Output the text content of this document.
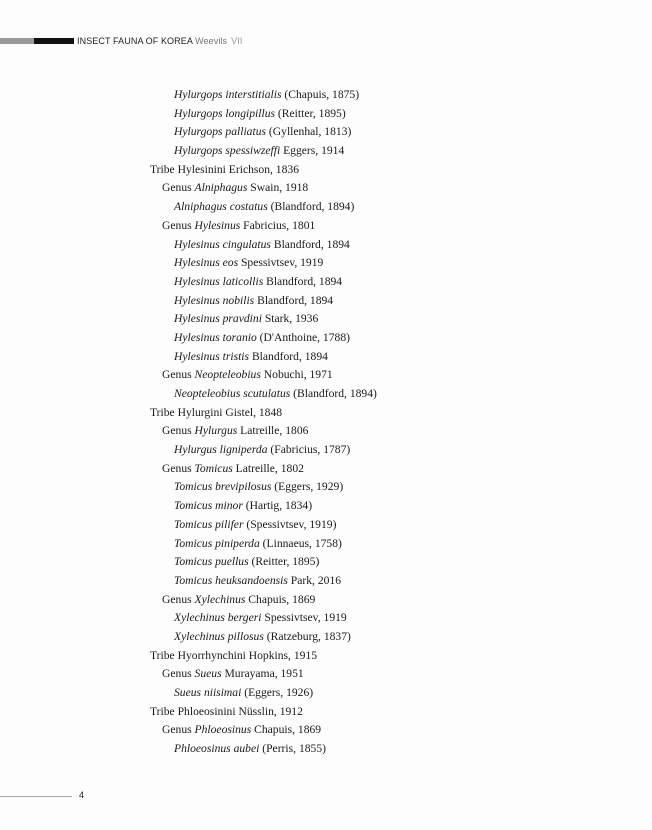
INSECT FAUNA OF KOREA Weevils VII
Hylurgops interstitialis (Chapuis, 1875)
Hylurgops longipillus (Reitter, 1895)
Hylurgops palliatus (Gyllenhal, 1813)
Hylurgops spessiwzeffi Eggers, 1914
Tribe Hylesinini Erichson, 1836
Genus Alniphagus Swain, 1918
Alniphagus costatus (Blandford, 1894)
Genus Hylesinus Fabricius, 1801
Hylesinus cingulatus Blandford, 1894
Hylesinus eos Spessivtsev, 1919
Hylesinus laticollis Blandford, 1894
Hylesinus nobilis Blandford, 1894
Hylesinus pravdini Stark, 1936
Hylesinus toranio (D'Anthoine, 1788)
Hylesinus tristis Blandford, 1894
Genus Neopteleobius Nobuchi, 1971
Neopteleobius scutulatus (Blandford, 1894)
Tribe Hylurgini Gistel, 1848
Genus Hylurgus Latreille, 1806
Hylurgus ligniperda (Fabricius, 1787)
Genus Tomicus Latreille, 1802
Tomicus brevipilosus (Eggers, 1929)
Tomicus minor (Hartig, 1834)
Tomicus pilifer (Spessivtsev, 1919)
Tomicus piniperda (Linnaeus, 1758)
Tomicus puellus (Reitter, 1895)
Tomicus heuksandoensis Park, 2016
Genus Xylechinus Chapuis, 1869
Xylechinus bergeri Spessivtsev, 1919
Xylechinus pillosus (Ratzeburg, 1837)
Tribe Hyorrhynchini Hopkins, 1915
Genus Sueus Murayama, 1951
Sueus niisimai (Eggers, 1926)
Tribe Phloeosinini Nüsslin, 1912
Genus Phloeosinus Chapuis, 1869
Phloeosinus aubei (Perris, 1855)
4
